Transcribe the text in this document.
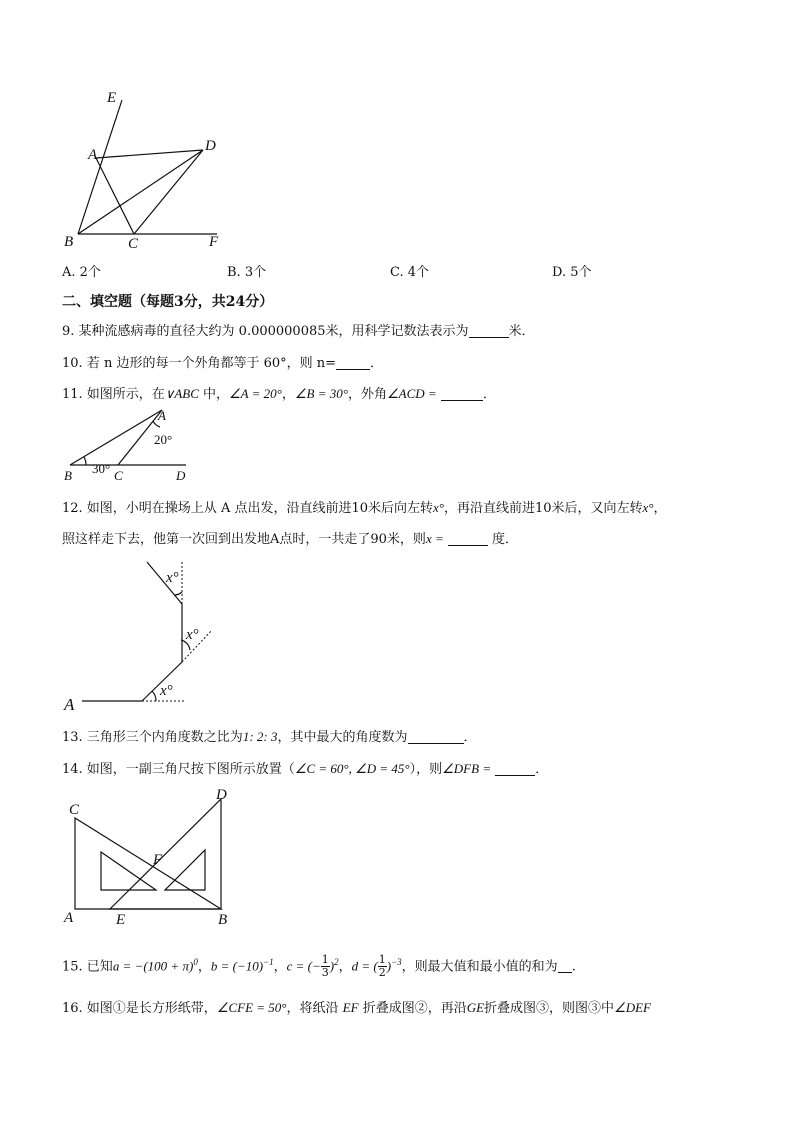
E
A
D
B	C	F
A. 2个	B. 3个	C. 4个	D. 5个
二、填空题（每题3分，共24分）
9. 某种流感病毒的直径大约为 0.000000085米，用科学记数法表示为	米．
10. 若 n 边形的每一个外角都等于 60°，则 n=	．
11. 如图所示，在∨ABC 中，∠A = 20°，∠B = 30°，外角∠ACD =	．
A
B	C	D
20°
30°
12. 如图，小明在操场上从 A 点出发，沿直线前进10米后向左转x°，再沿直线前进10米后，又向左转x°，
照这样走下去，他第一次回到出发地A点时，一共走了90米，则x =	度．
A
x°
x°
x°
13. 三角形三个内角度数之比为1: 2: 3，其中最大的角度数为	．
14. 如图，一副三角尺按下图所示放置（∠C = 60°, ∠D = 45°），则∠DFB =	．
C
D
F
A	E	B
15. 已知$a = -(100 + \pi)^0$，$b = (-10)^{-1}$，c = (− $\frac{1}{3} )^2$，d = ( $\frac{1}{2} )^{-3}$，则最大值和最小值的和为 .
16. 如图①是长方形纸带，∠CFE = 50°，将纸沿 EF 折叠成图②，再沿GE折叠成图③，则图③中∠DEF
